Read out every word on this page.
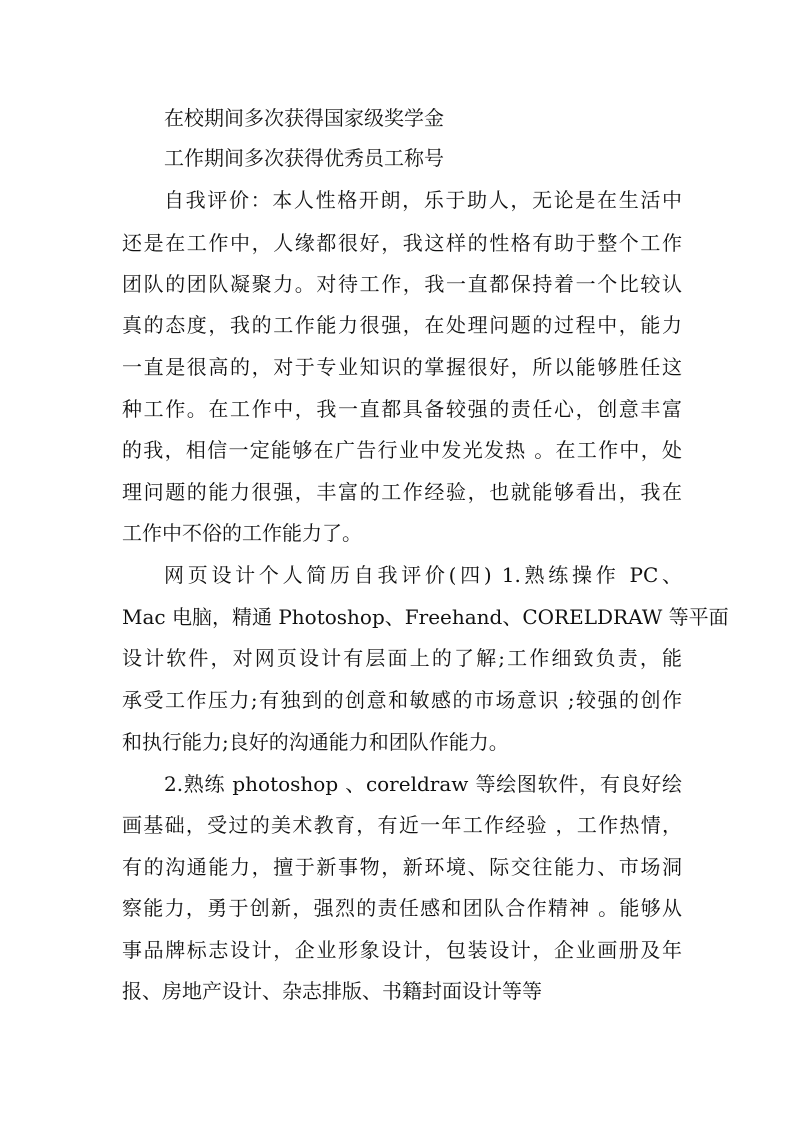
在校期间多次获得国家级奖学金
工作期间多次获得优秀员工称号
自我评价：本人性格开朗，乐于助人，无论是在生活中
还是在工作中，人缘都很好，我这样的性格有助于整个工作
团队的团队凝聚力。对待工作，我一直都保持着一个比较认
真的态度，我的工作能力很强，在处理问题的过程中，能力
一直是很高的，对于专业知识的掌握很好，所以能够胜任这
种工作。在工作中，我一直都具备较强的责任心，创意丰富
的我，相信一定能够在广告行业中发光发热 。在工作中，处
理问题的能力很强，丰富的工作经验，也就能够看出，我在
工作中不俗的工作能力了。
网页设计个人简历自我评价(四) 1.熟练操作 PC、
Mac 电脑，精通 Photoshop、Freehand、CORELDRAW 等平面
设计软件，对网页设计有层面上的了解;工作细致负责，能
承受工作压力;有独到的创意和敏感的市场意识 ;较强的创作
和执行能力;良好的沟通能力和团队作能力。
2.熟练 photoshop 、coreldraw 等绘图软件，有良好绘
画基础，受过的美术教育，有近一年工作经验 ，工作热情，
有的沟通能力，擅于新事物，新环境、际交往能力、市场洞
察能力，勇于创新，强烈的责任感和团队合作精神 。能够从
事品牌标志设计，企业形象设计，包装设计，企业画册及年
报、房地产设计、杂志排版、书籍封面设计等等
